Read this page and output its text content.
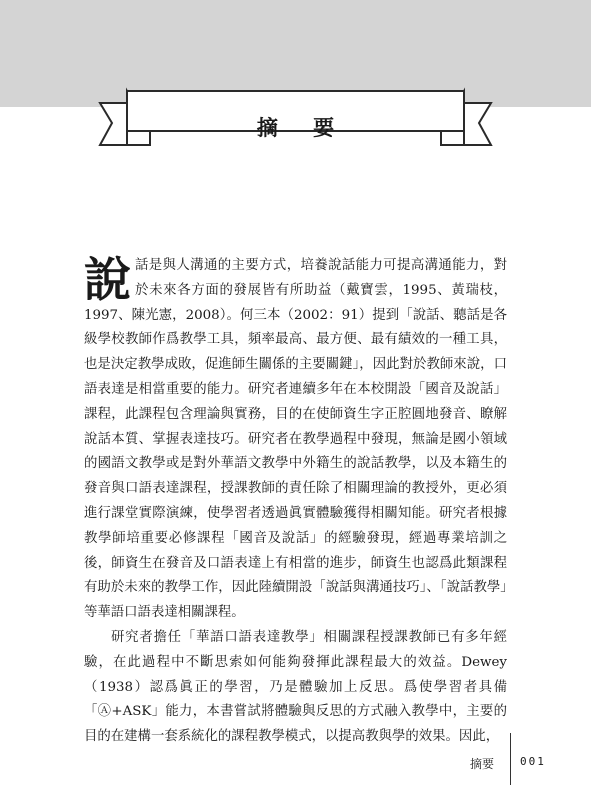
摘 要

說話是與人溝通的主要方式，培養說話能力可提高溝通能力，對於未來各方面的發展皆有所助益（戴寶雲，1995、黃瑞枝，1997、陳光憲，2008）。何三本（2002：91）提到「說話、聽話是各級學校教師作爲教學工具，頻率最高、最方便、最有績效的一種工具，也是決定教學成敗，促進師生關係的主要關鍵」，因此對於教師來說，口語表達是相當重要的能力。研究者連續多年在本校開設「國音及說話」課程，此課程包含理論與實務，目的在使師資生字正腔圓地發音、瞭解說話本質、掌握表達技巧。研究者在教學過程中發現，無論是國小領域的國語文教學或是對外華語文教學中外籍生的說話教學，以及本籍生的發音與口語表達課程，授課教師的責任除了相關理論的教授外，更必須進行課堂實際演練，使學習者透過眞實體驗獲得相關知能。研究者根據教學師培重要必修課程「國音及說話」的經驗發現，經過專業培訓之後，師資生在發音及口語表達上有相當的進步，師資生也認爲此類課程有助於未來的教學工作，因此陸續開設「說話與溝通技巧」、「說話教學」等華語口語表達相關課程。

研究者擔任「華語口語表達教學」相關課程授課教師已有多年經驗，在此過程中不斷思索如何能夠發揮此課程最大的效益。Dewey（1938）認爲眞正的學習，乃是體驗加上反思。爲使學習者具備「Ⓐ+ASK」能力，本書嘗試將體驗與反思的方式融入教學中，主要的目的在建構一套系統化的課程教學模式，以提高教與學的效果。因此，

摘要 001
